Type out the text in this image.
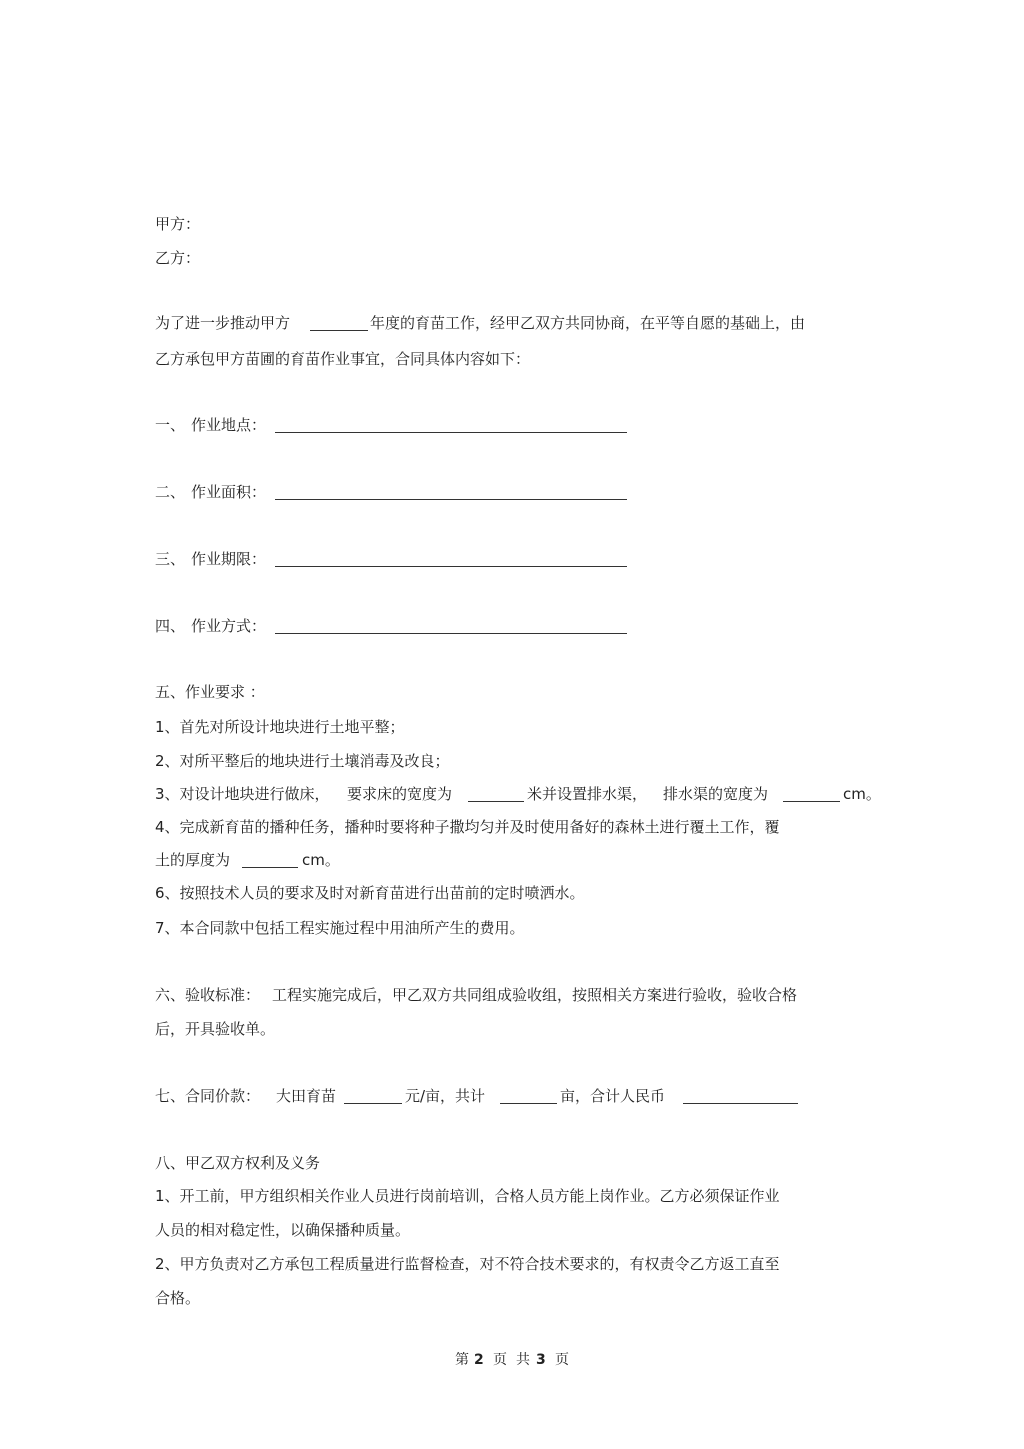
甲方：
乙方：
为了进一步推动甲方	年度的育苗工作，经甲乙双方共同协商，在平等自愿的基础上，由
乙方承包甲方苗圃的育苗作业事宜，合同具体内容如下：
一、 作业地点：
二、 作业面积：
三、 作业期限：
四、 作业方式：
五、作业要求 ：
1、首先对所设计地块进行土地平整；
2、对所平整后的地块进行土壤消毒及改良；
3、对设计地块进行做床， 要求床的宽度为	米并设置排水渠， 排水渠的宽度为	cm。
4、完成新育苗的播种任务，播种时要将种子撒均匀并及时使用备好的森林土进行覆土工作，覆
土的厚度为	cm。
6、按照技术人员的要求及时对新育苗进行出苗前的定时喷洒水。
7、本合同款中包括工程实施过程中用油所产生的费用。
六、验收标准： 工程实施完成后，甲乙双方共同组成验收组，按照相关方案进行验收，验收合格
后，开具验收单。
七、合同价款： 大田育苗	元/亩，共计	亩，合计人民币
八、甲乙双方权利及义务
1、开工前，甲方组织相关作业人员进行岗前培训，合格人员方能上岗作业。乙方必须保证作业
人员的相对稳定性，以确保播种质量。
2、甲方负责对乙方承包工程质量进行监督检查，对不符合技术要求的，有权责令乙方返工直至
合格。
第 2 页 共 3 页
